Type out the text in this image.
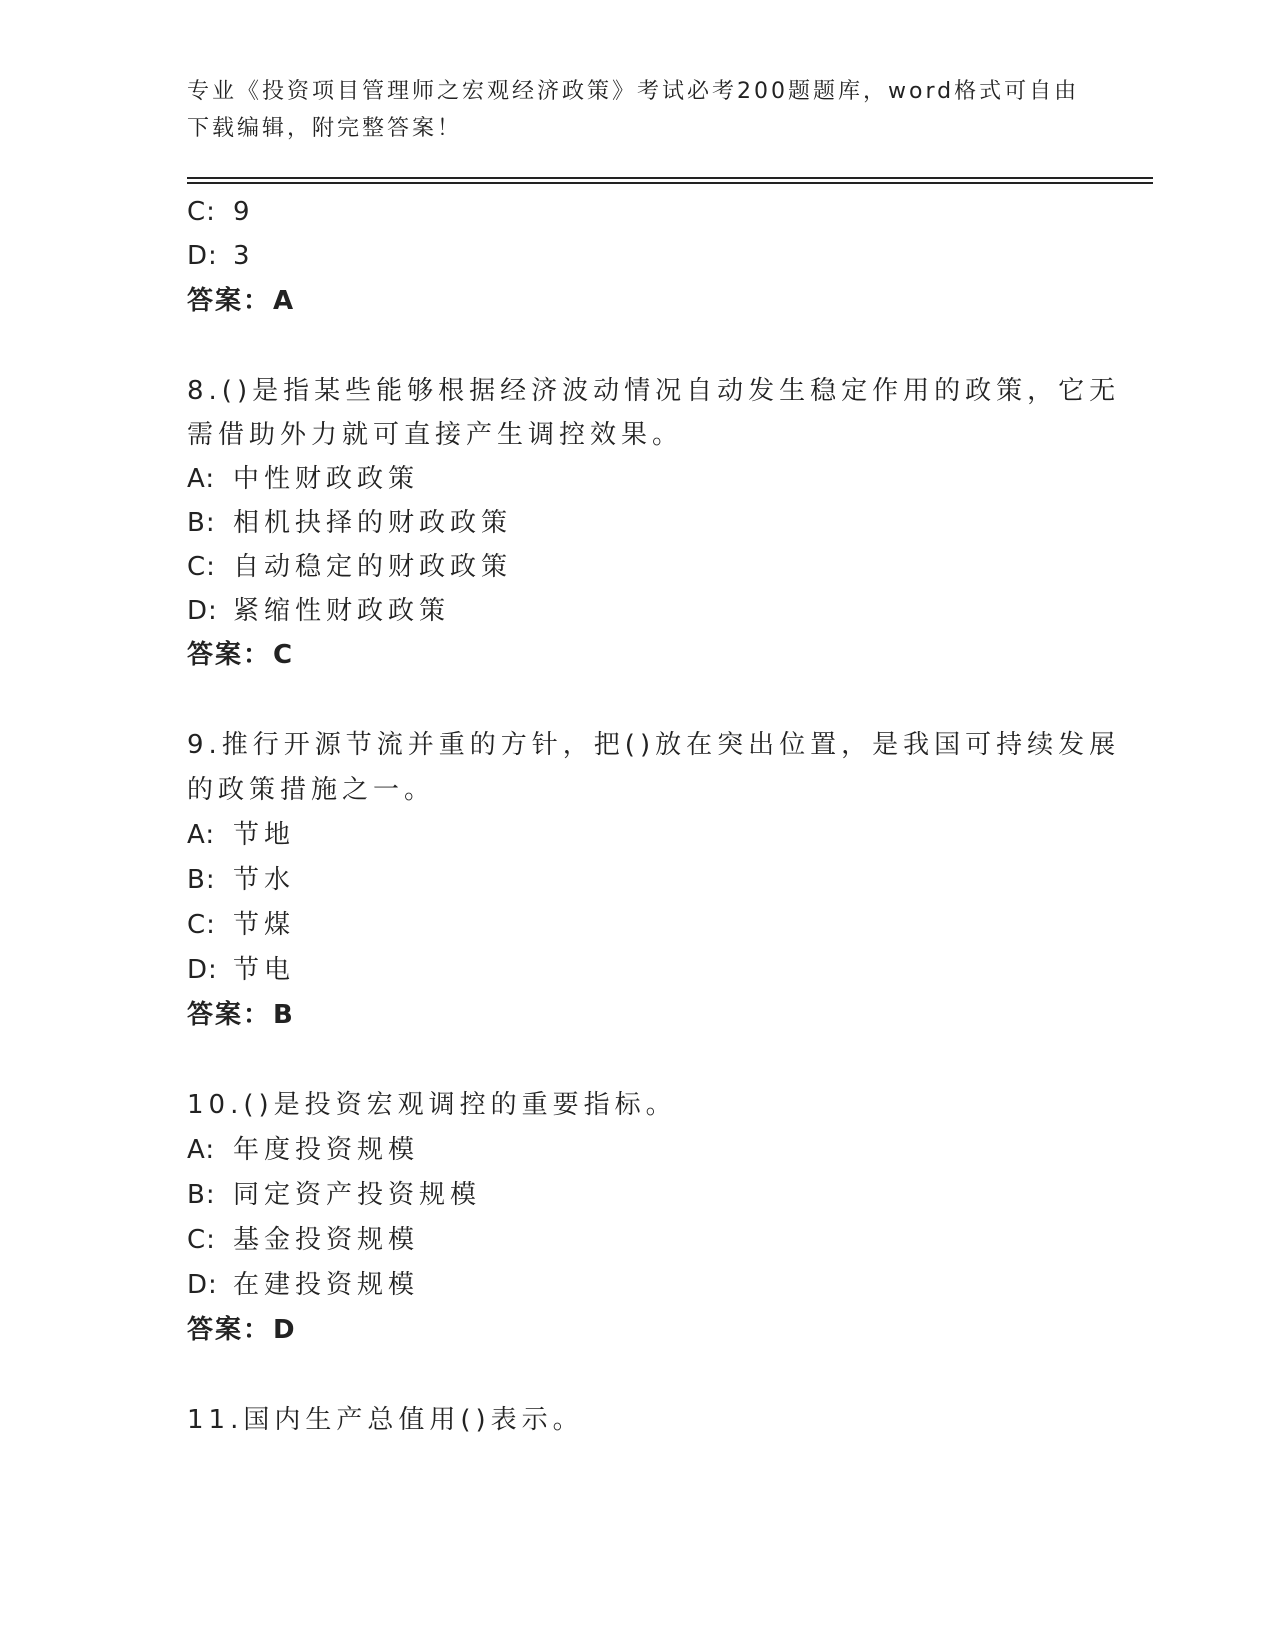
专业《投资项目管理师之宏观经济政策》考试必考200题题库，word格式可自由
下载编辑，附完整答案！
C: 9
D: 3
答案：A
8.()是指某些能够根据经济波动情况自动发生稳定作用的政策，它无
需借助外力就可直接产生调控效果。
A: 中性财政政策
B: 相机抉择的财政政策
C: 自动稳定的财政政策
D: 紧缩性财政政策
答案：C
9.推行开源节流并重的方针，把()放在突出位置，是我国可持续发展
的政策措施之一。
A: 节地
B: 节水
C: 节煤
D: 节电
答案：B
10.()是投资宏观调控的重要指标。
A: 年度投资规模
B: 同定资产投资规模
C: 基金投资规模
D: 在建投资规模
答案：D
11.国内生产总值用()表示。
